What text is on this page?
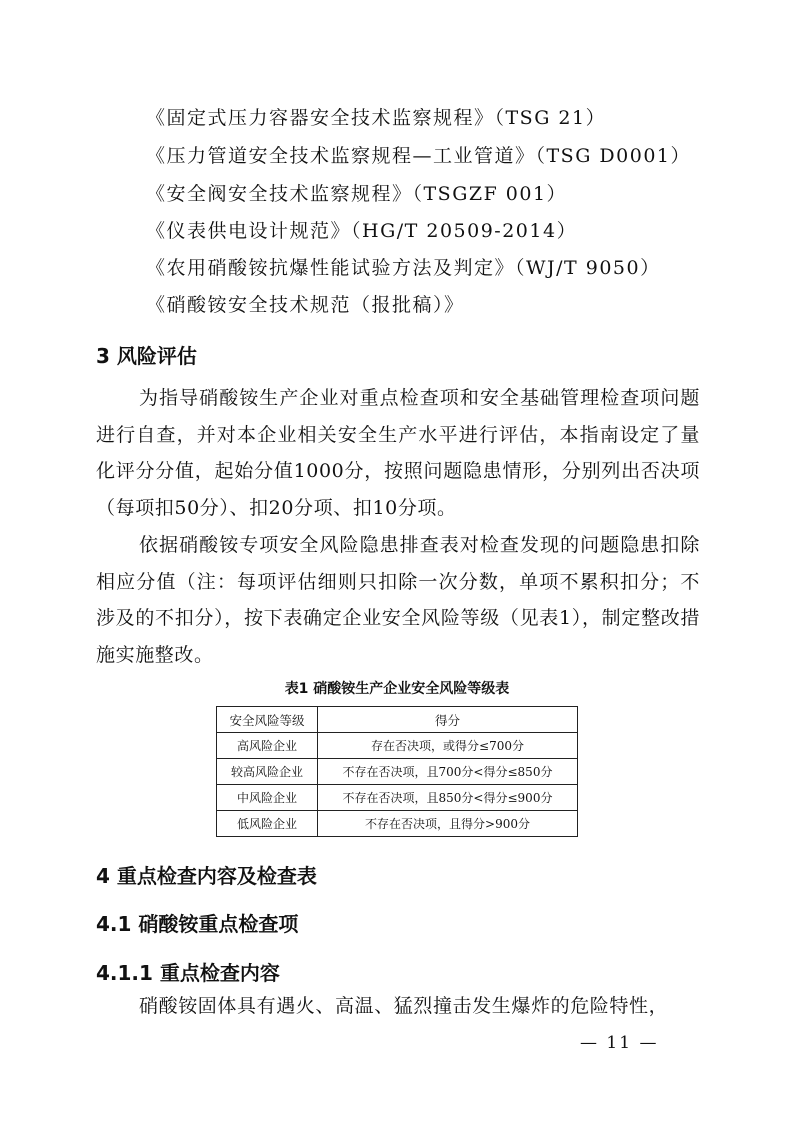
《固定式压力容器安全技术监察规程》（TSG 21）
《压力管道安全技术监察规程—工业管道》（TSG D0001）
《安全阀安全技术监察规程》（TSGZF 001）
《仪表供电设计规范》（HG/T 20509-2014）
《农用硝酸铵抗爆性能试验方法及判定》（WJ/T 9050）
《硝酸铵安全技术规范（报批稿）》
3 风险评估

为指导硝酸铵生产企业对重点检查项和安全基础管理检查项问题进行自查，并对本企业相关安全生产水平进行评估，本指南设定了量化评分分值，起始分值1000分，按照问题隐患情形，分别列出否决项（每项扣50分）、扣20分项、扣10分项。

依据硝酸铵专项安全风险隐患排查表对检查发现的问题隐患扣除相应分值（注：每项评估细则只扣除一次分数，单项不累积扣分；不涉及的不扣分），按下表确定企业安全风险等级（见表1），制定整改措施实施整改。

表1 硝酸铵生产企业安全风险等级表
安全风险等级	得分
高风险企业	存在否决项，或得分≤700分
较高风险企业	不存在否决项，且700分<得分≤850分
中风险企业	不存在否决项，且850分<得分≤900分
低风险企业	不存在否决项，且得分>900分
4 重点检查内容及检查表
4.1 硝酸铵重点检查项
4.1.1 重点检查内容

硝酸铵固体具有遇火、高温、猛烈撞击发生爆炸的危险特性，

— 11 —
